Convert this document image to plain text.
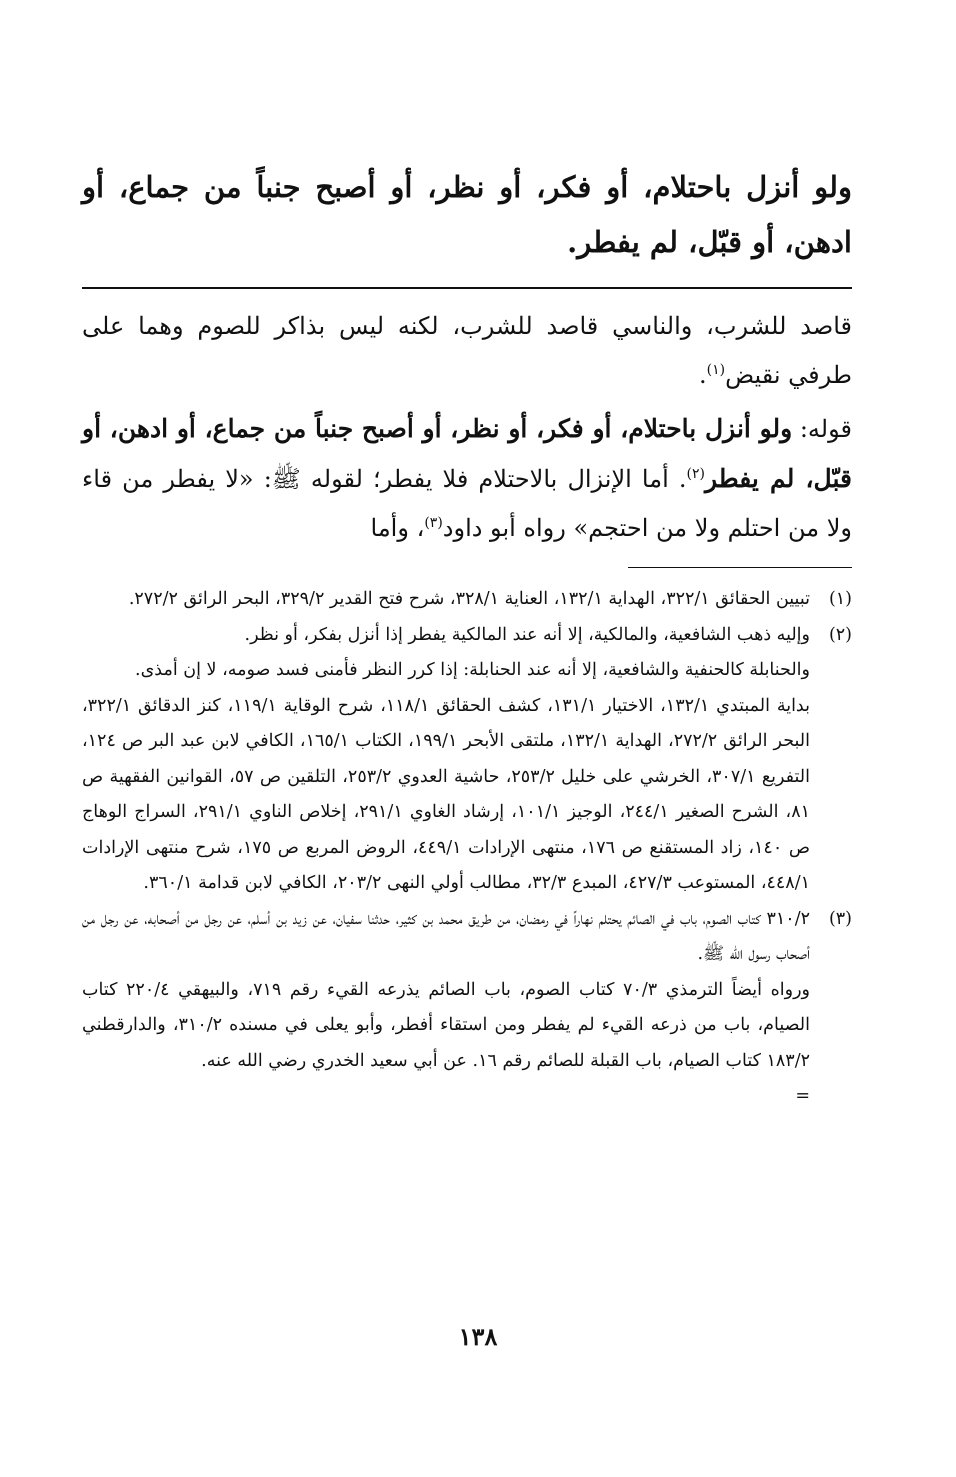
ولو أنزل باحتلام، أو فكر، أو نظر، أو أصبح جنباً من جماع، أو ادهن، أو قبّل، لم يفطر.
قاصد للشرب، والناسي قاصد للشرب، لكنه ليس بذاكر للصوم وهما على طرفي نقيض$^{(١)}$.
قوله: ولو أنزل باحتلام، أو فكر، أو نظر، أو أصبح جنباً من جماع، أو ادهن، أو قبّل، لم يفطر$^{(٢)}$. أما الإنزال بالاحتلام فلا يفطر؛ لقوله ﷺ: «لا يفطر من قاء ولا من احتلم ولا من احتجم» رواه أبو داود$^{(٣)}$، وأما
(١)

تبيين الحقائق ٣٢٢/١، الهداية ١٣٢/١، العناية ٣٢٨/١، شرح فتح القدير ٣٢٩/٢، البحر الرائق ٢٧٢/٢.

(٢)

وإليه ذهب الشافعية، والمالكية، إلا أنه عند المالكية يفطر إذا أنزل بفكر، أو نظر.

والحنابلة كالحنفية والشافعية، إلا أنه عند الحنابلة: إذا كرر النظر فأمنى فسد صومه، لا إن أمذى.

بداية المبتدي ١٣٢/١، الاختيار ١٣١/١، كشف الحقائق ١١٨/١، شرح الوقاية ١١٩/١، كنز الدقائق ٣٢٢/١، البحر الرائق ٢٧٢/٢، الهداية ١٣٢/١، ملتقى الأبحر ١٩٩/١، الكتاب ١٦٥/١، الكافي لابن عبد البر ص ١٢٤، التفريع ٣٠٧/١، الخرشي على خليل ٢٥٣/٢، حاشية العدوي ٢٥٣/٢، التلقين ص ٥٧، القوانين الفقهية ص ٨١، الشرح الصغير ٢٤٤/١، الوجيز ١٠١/١، إرشاد الغاوي ٢٩١/١، إخلاص الناوي ٢٩١/١، السراج الوهاج ص ١٤٠، زاد المستقنع ص ١٧٦، منتهى الإرادات ٤٤٩/١، الروض المربع ص ١٧٥، شرح منتهى الإرادات ٤٤٨/١، المستوعب ٤٢٧/٣، المبدع ٣٢/٣، مطالب أولي النهى ٢٠٣/٢، الكافي لابن قدامة ٣٦٠/١.

(٣)

٣١٠/٢ كتاب الصوم، باب في الصائم يحتلم نهاراً في رمضان، من طريق محمد بن كثير، حدثنا سفيان، عن زيد بن أسلم، عن رجل من أصحابه، عن رجل من أصحاب رسول الله ﷺ.

ورواه أيضاً الترمذي ٧٠/٣ كتاب الصوم، باب الصائم يذرعه القيء رقم ٧١٩، والبيهقي ٢٢٠/٤ كتاب الصيام، باب من ذرعه القيء لم يفطر ومن استقاء أفطر، وأبو يعلى في مسنده ٣١٠/٢، والدارقطني ١٨٣/٢ كتاب الصيام، باب القبلة للصائم رقم ١٦. عن أبي سعيد الخدري رضي الله عنه.

=

١٣٨
